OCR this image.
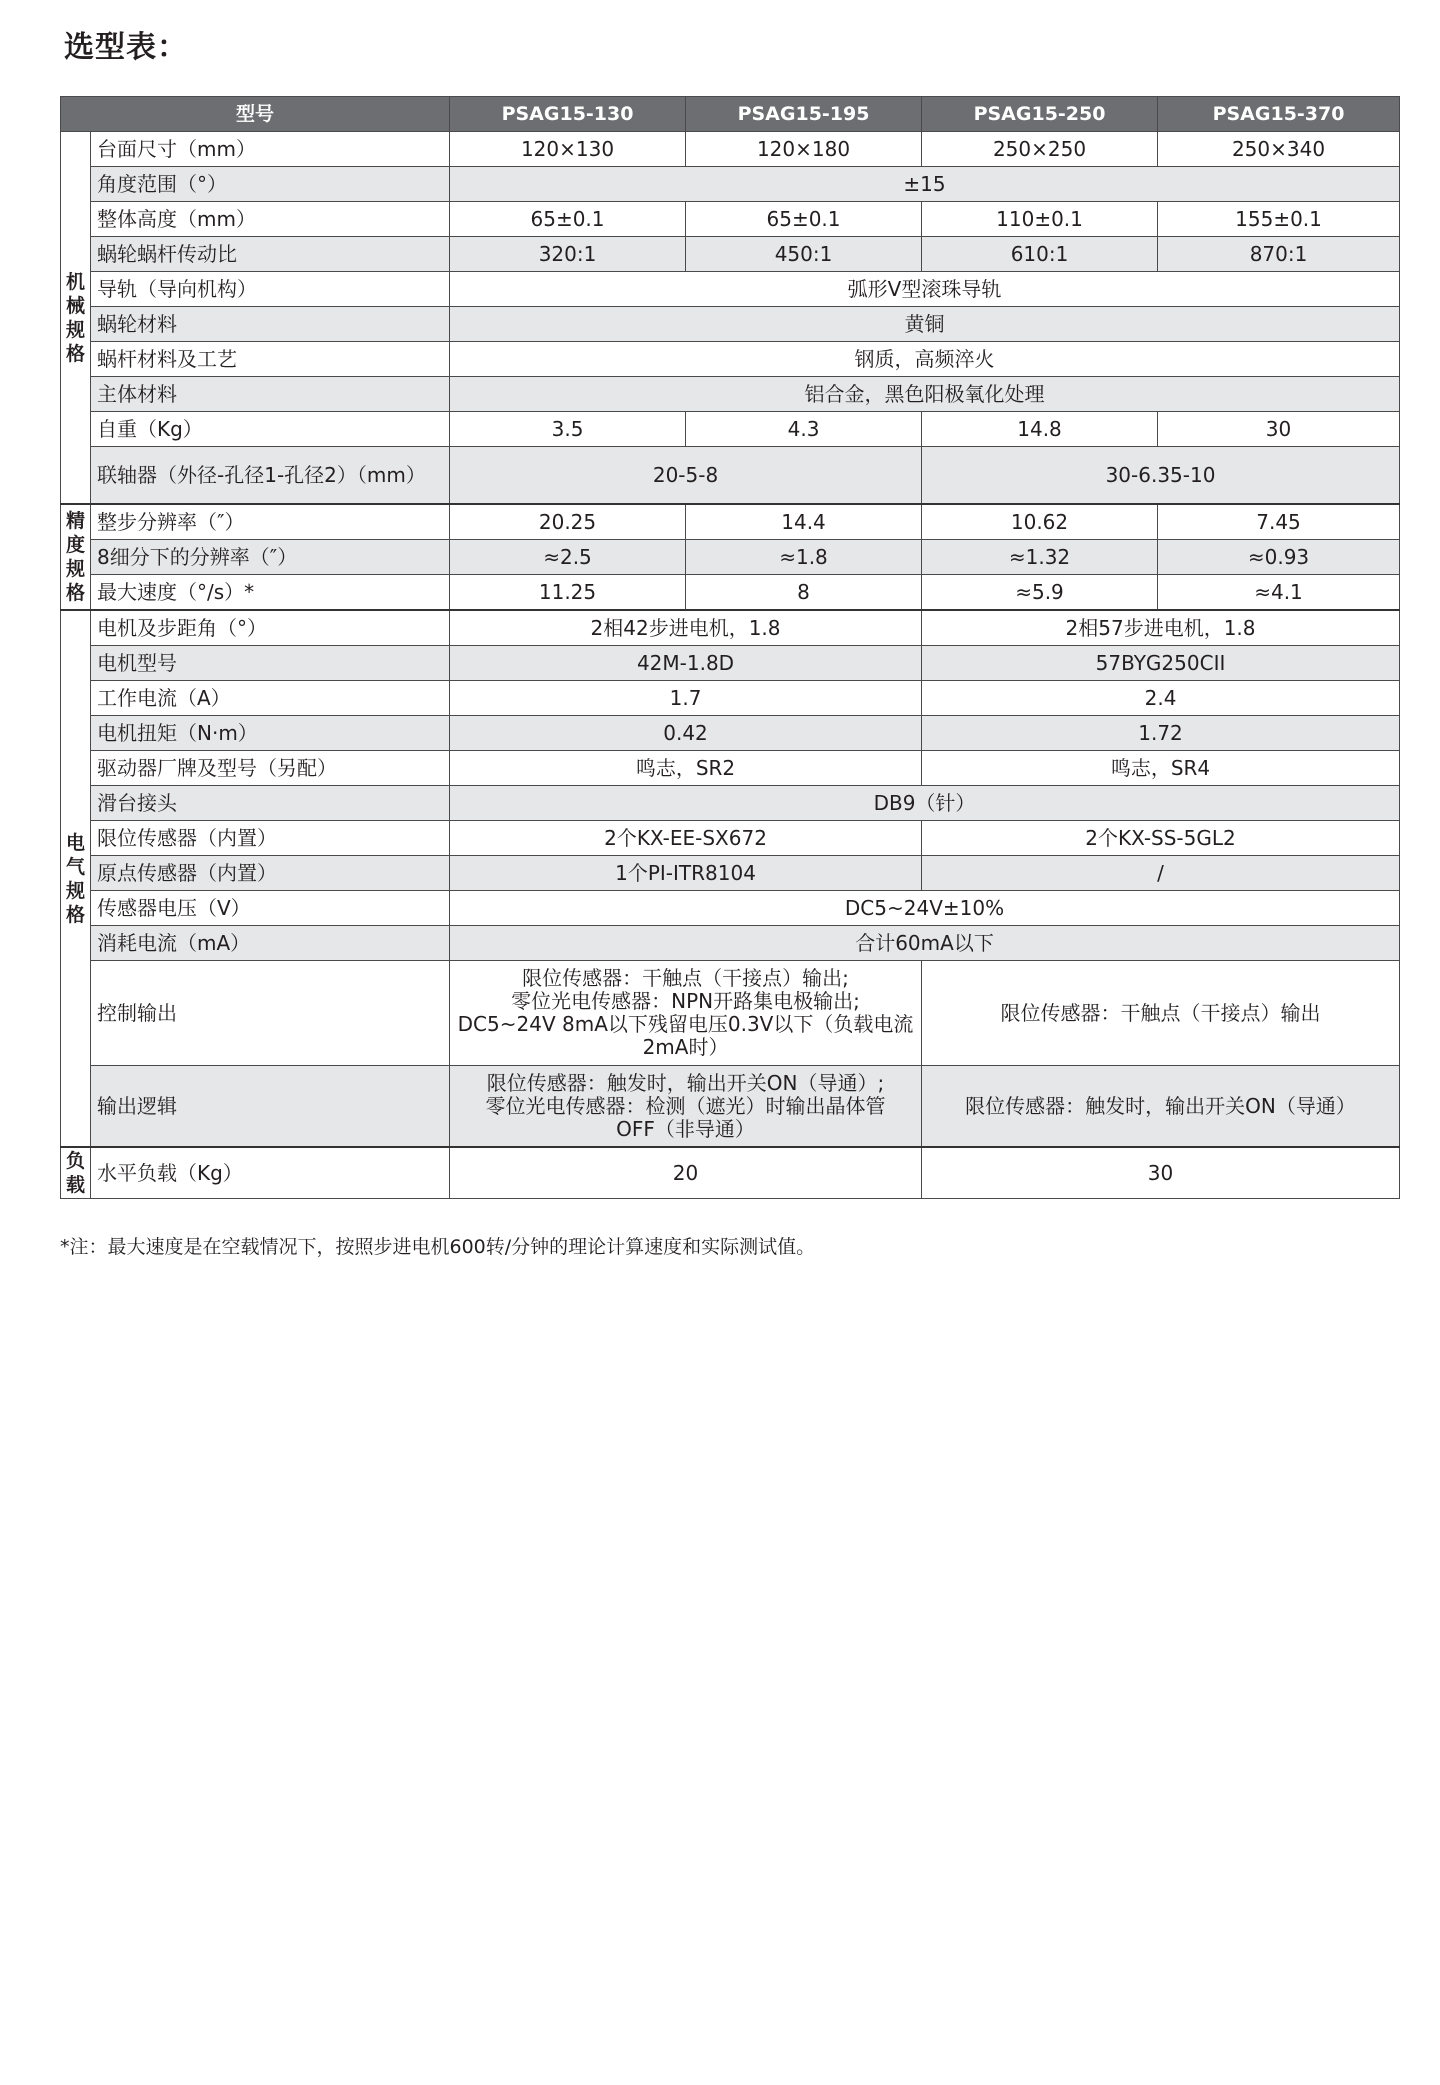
选型表：
型号		PSAG15-130	PSAG15-195	PSAG15-250	PSAG15-370
机械规格	台面尺寸（mm）	120×130	120×180	250×250	250×340
	角度范围（°）	±15			
	整体高度（mm）	65±0.1	65±0.1	110±0.1	155±0.1
	蜗轮蜗杆传动比	320:1	450:1	610:1	870:1
	导轨（导向机构）	弧形V型滚珠导轨			
	蜗轮材料	黄铜			
	蜗杆材料及工艺	钢质，高频淬火			
	主体材料	铝合金，黑色阳极氧化处理			
	自重（Kg）	3.5	4.3	14.8	30
	联轴器（外径-孔径1-孔径2）（mm）	20-5-8		30-6.35-10	
精度规格	整步分辨率（″）	20.25	14.4	10.62	7.45
	8细分下的分辨率（″）	≈2.5	≈1.8	≈1.32	≈0.93
	最大速度（°/s）*	11.25	8	≈5.9	≈4.1
电气规格	电机及步距角（°）	2相42步进电机，1.8		2相57步进电机，1.8	
	电机型号	42M-1.8D		57BYG250CII	
	工作电流（A）	1.7		2.4	
	电机扭矩（N·m）	0.42		1.72	
	驱动器厂牌及型号（另配）	鸣志，SR2		鸣志，SR4	
	滑台接头	DB9（针）			
	限位传感器（内置）	2个KX-EE-SX672		2个KX-SS-5GL2	
	原点传感器（内置）	1个PI-ITR8104		/	
	传感器电压（V）	DC5~24V±10%			
	消耗电流（mA）	合计60mA以下			
	控制输出	限位传感器：干触点（干接点）输出;
零位光电传感器：NPN开路集电极输出;
DC5~24V 8mA以下残留电压0.3V以下（负载电流
2mA时）		限位传感器：干触点（干接点）输出	
	输出逻辑	限位传感器：触发时，输出开关ON（导通）;
零位光电传感器：检测（遮光）时输出晶体管
OFF（非导通）		限位传感器：触发时，输出开关ON（导通）	
负载	水平负载（Kg）	20		30	

*注：最大速度是在空载情况下，按照步进电机600转/分钟的理论计算速度和实际测试值。
